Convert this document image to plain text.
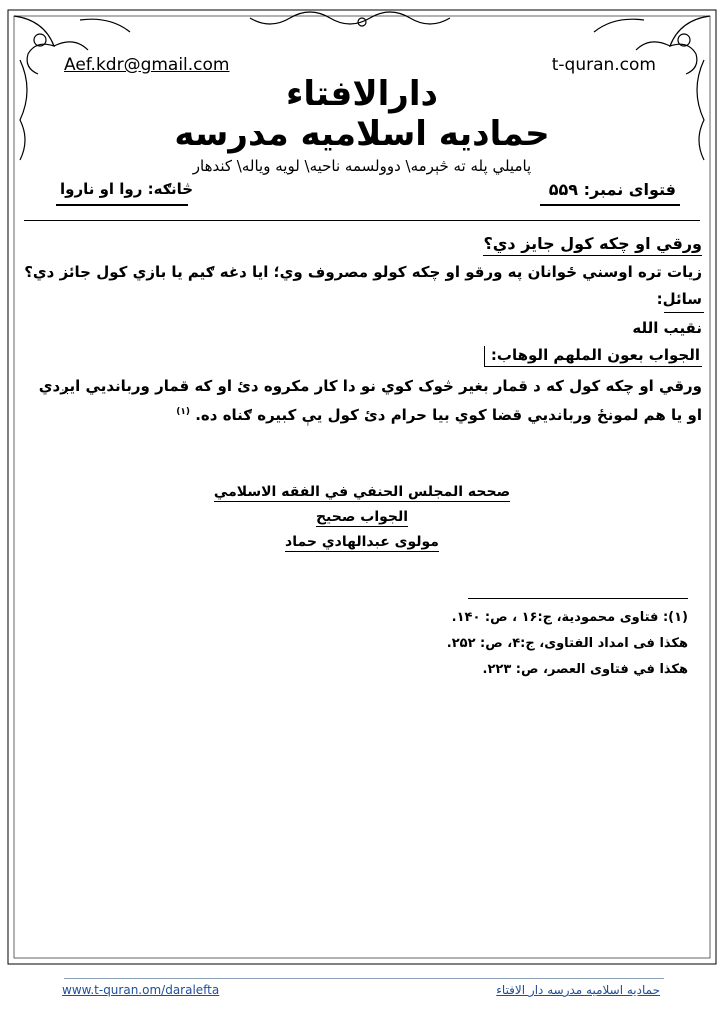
Aef.kdr@gmail.com	t-quran.com
دارالافتاء
حمادیه اسلامیه مدرسه
پامیلي پله ته څېرمه\ دوولسمه ناحیه\ لویه ویاله\ کندهار
فتوای نمبر: ۵۵۹
څانګه: روا او ناروا
ورقي او چکه کول جایز دي؟
زیات تره اوسني ځوانان په ورقو او چکه کولو مصروف وي؛ ایا دغه ګیم یا بازي کول جائز دي؟
سائل:
نقیب الله
الجواب بعون الملهم الوهاب:
ورقي او چکه کول که د قمار بغیر څوک کوي نو دا کار مکروه دئ او که قمار وربانديي ایږدي او یا هم لمونځ وربانديي قضا کوي بیا حرام دئ کول يې کبیره ګناه ده. $^{(۱)}$
صححه المجلس الحنفي في الفقه الاسلامي
الجواب صحیح
مولوی عبدالهادي حماد
(۱): فتاوی محمودیة، ج:۱۶ ، ص: ۱۴۰.
هکذا فی امداد الفتاوی، ج:۴، ص: ۲۵۲.
هکذا في فتاوی العصر، ص: ۲۲۳.
www.t-quran.om/daralefta	حمادیه اسلامیه مدرسه دار الافتاء
